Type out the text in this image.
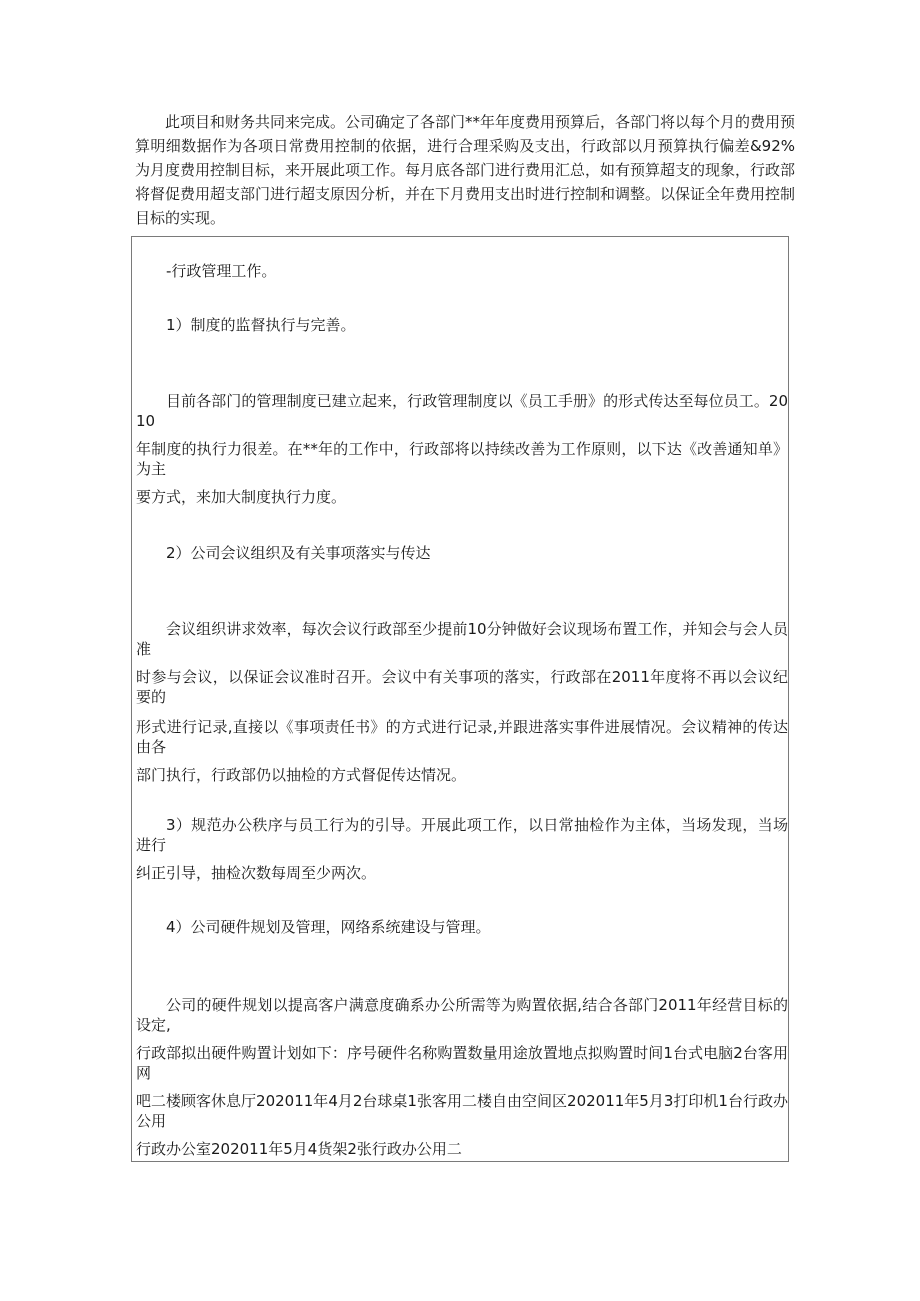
此项目和财务共同来完成。公司确定了各部门**年年度费用预算后，各部门将以每个月的费用预算明细数据作为各项日常费用控制的依据，进行合理采购及支出，行政部以月预算执行偏差&92%为月度费用控制目标，来开展此项工作。每月底各部门进行费用汇总，如有预算超支的现象，行政部将督促费用超支部门进行超支原因分析，并在下月费用支出时进行控制和调整。以保证全年费用控制目标的实现。

-行政管理工作。

1）制度的监督执行与完善。

目前各部门的管理制度已建立起来，行政管理制度以《员工手册》的形式传达至每位员工。2010

年制度的执行力很差。在**年的工作中，行政部将以持续改善为工作原则，以下达《改善通知单》为主

要方式，来加大制度执行力度。

2）公司会议组织及有关事项落实与传达

会议组织讲求效率，每次会议行政部至少提前10分钟做好会议现场布置工作，并知会与会人员准

时参与会议，以保证会议准时召开。会议中有关事项的落实，行政部在2011年度将不再以会议纪要的

形式进行记录,直接以《事项责任书》的方式进行记录,并跟进落实事件进展情况。会议精神的传达由各

部门执行，行政部仍以抽检的方式督促传达情况。

3）规范办公秩序与员工行为的引导。开展此项工作，以日常抽检作为主体，当场发现，当场进行

纠正引导，抽检次数每周至少两次。

4）公司硬件规划及管理，网络系统建设与管理。

公司的硬件规划以提高客户满意度确系办公所需等为购置依据,结合各部门2011年经营目标的设定,

行政部拟出硬件购置计划如下：序号硬件名称购置数量用途放置地点拟购置时间1台式电脑2台客用网

吧二楼顾客休息厅202011年4月2台球桌1张客用二楼自由空间区202011年5月3打印机1台行政办公用

行政办公室202011年5月4货架2张行政办公用二
